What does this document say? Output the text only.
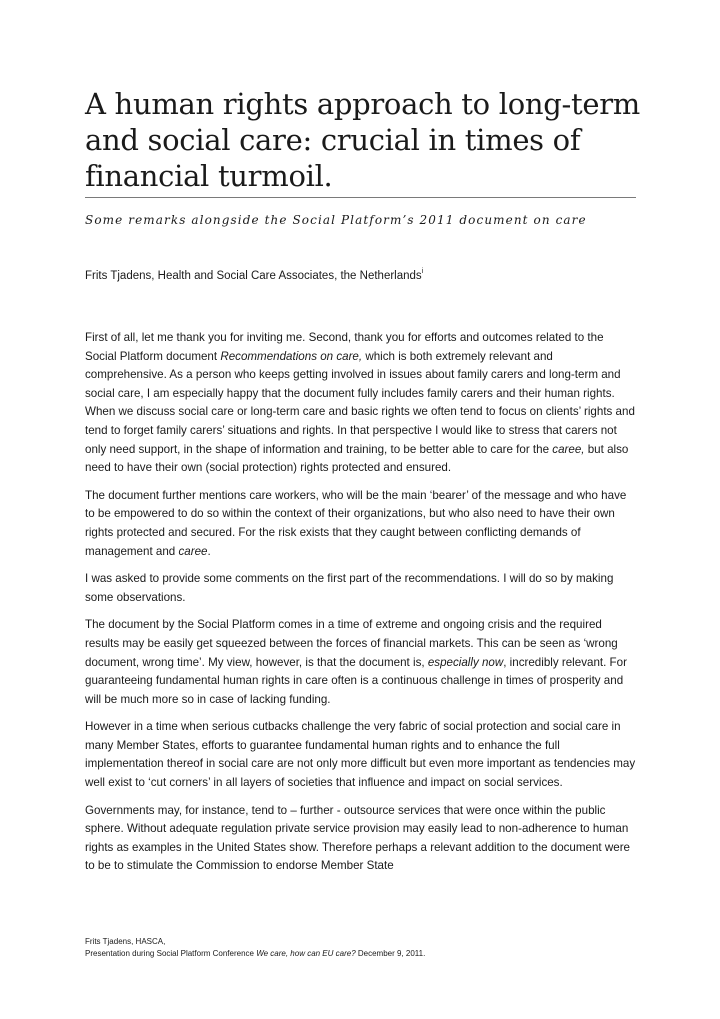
A human rights approach to long-term and social care: crucial in times of financial turmoil.
Some remarks alongside the Social Platform’s 2011 document on care
Frits Tjadens, Health and Social Care Associates, the Netherlands$^i$

First of all, let me thank you for inviting me. Second, thank you for efforts and outcomes related to the Social Platform document Recommendations on care, which is both extremely relevant and comprehensive. As a person who keeps getting involved in issues about family carers and long-term and social care, I am especially happy that the document fully includes family carers and their human rights. When we discuss social care or long-term care and basic rights we often tend to focus on clients’ rights and tend to forget family carers’ situations and rights. In that perspective I would like to stress that carers not only need support, in the shape of information and training, to be better able to care for the caree, but also need to have their own (social protection) rights protected and ensured.

The document further mentions care workers, who will be the main ‘bearer’ of the message and who have to be empowered to do so within the context of their organizations, but who also need to have their own rights protected and secured. For the risk exists that they caught between conflicting demands of management and caree.

I was asked to provide some comments on the first part of the recommendations. I will do so by making some observations.

The document by the Social Platform comes in a time of extreme and ongoing crisis and the required results may be easily get squeezed between the forces of financial markets. This can be seen as ‘wrong document, wrong time’. My view, however, is that the document is, especially now, incredibly relevant. For guaranteeing fundamental human rights in care often is a continuous challenge in times of prosperity and will be much more so in case of lacking funding.

However in a time when serious cutbacks challenge the very fabric of social protection and social care in many Member States, efforts to guarantee fundamental human rights and to enhance the full implementation thereof in social care are not only more difficult but even more important as tendencies may well exist to ‘cut corners’ in all layers of societies that influence and impact on social services.

Governments may, for instance, tend to – further - outsource services that were once within the public sphere. Without adequate regulation private service provision may easily lead to non-adherence to human rights as examples in the United States show. Therefore perhaps a relevant addition to the document were to be to stimulate the Commission to endorse Member State

Frits Tjadens, HASCA,
Presentation during Social Platform Conference We care, how can EU care? December 9, 2011.
